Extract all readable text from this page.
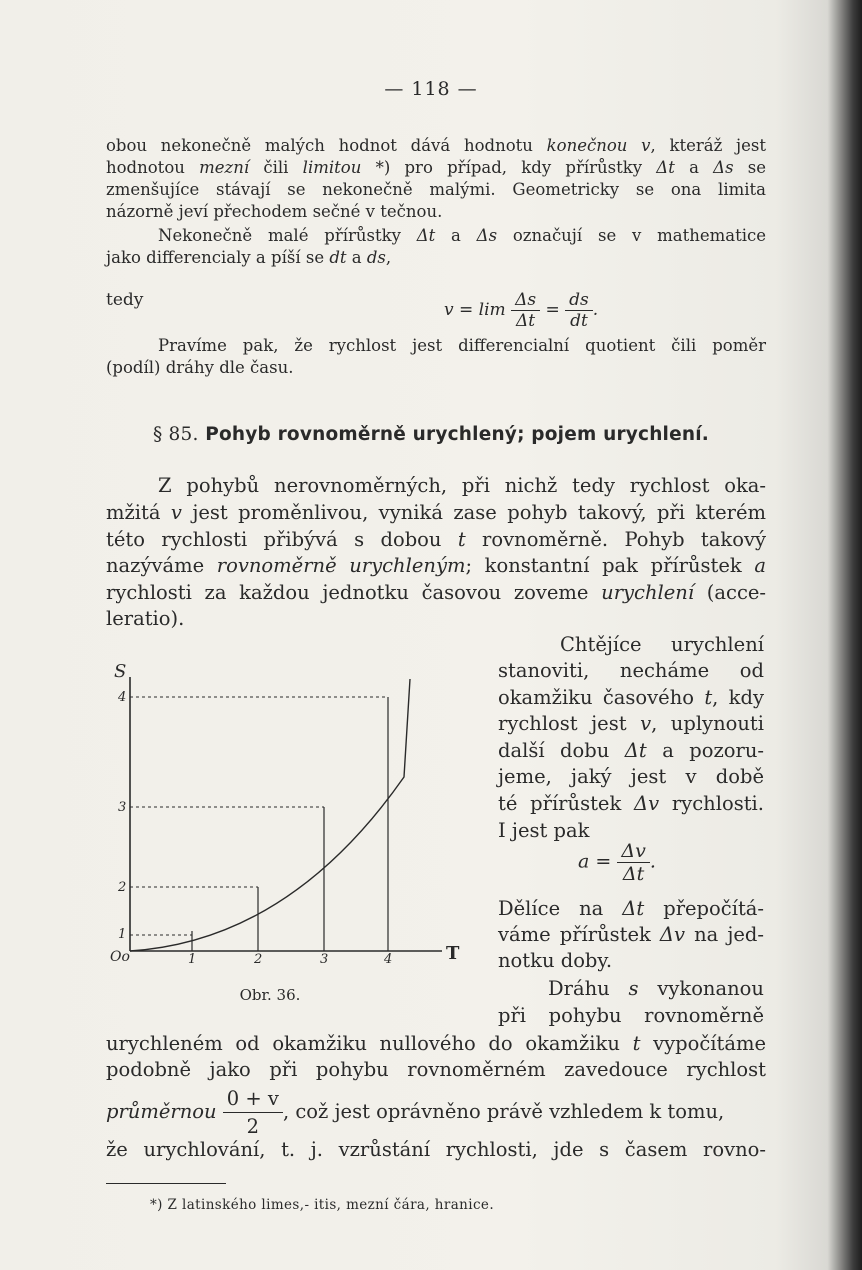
— 118 —
obou nekonečně malých hodnot dává hodnotu konečnou v, kteráž jest
hodnotou mezní čili limitou *) pro případ, kdy přírůstky Δt a Δs se
zmenšujíce stávají se nekonečně malými. Geometricky se ona limita
názorně jeví přechodem sečné v tečnou.
Nekonečně malé přírůstky Δt a Δs označují se v mathematice
jako differencialy a píší se dt a ds,
tedy	$v = \lim \frac{\Delta s}{\Delta t} = \frac{ds}{dt}$ .
Pravíme pak, že rychlost jest differencialní quotient čili poměr
(podíl) dráhy dle času.
§ 85. Pohyb rovnoměrně urychlený; pojem urychlení.
Z pohybů nerovnoměrných, při nichž tedy rychlost oka-
mžitá v jest proměnlivou, vyniká zase pohyb takový, při kterém
této rychlosti přibývá s dobou t rovnoměrně. Pohyb takový
nazýváme rovnoměrně urychleným; konstantní pak přírůstek a
rychlosti za každou jednotku časovou zoveme urychlení (acce-
leratio).
S
T
Oo	1	2	3	4
1
2
3
4
Obr. 36.
Chtějíce urychlení
stanoviti, necháme od
okamžiku časového t, kdy
rychlost jest v, uplynouti
další dobu Δt a pozoru-
jeme, jaký jest v době
té přírůstek Δv rychlosti.
I jest pak
$a = \frac{\Delta v}{\Delta t}$ .
Dělíce na Δt přepočítá-
váme přírůstek Δv na jed-
notku doby.
Dráhu s vykonanou
při pohybu rovnoměrně
urychleném od okamžiku nullového do okamžiku t vypočítáme
podobně jako při pohybu rovnoměrném zavedouce rychlost
průměrnou $\frac{0 + v}{2}$ , což jest oprávněno právě vzhledem k tomu,
že urychlování, t. j. vzrůstání rychlosti, jde s časem rovno-
*) Z latinského limes,- itis, mezní čára, hranice.
